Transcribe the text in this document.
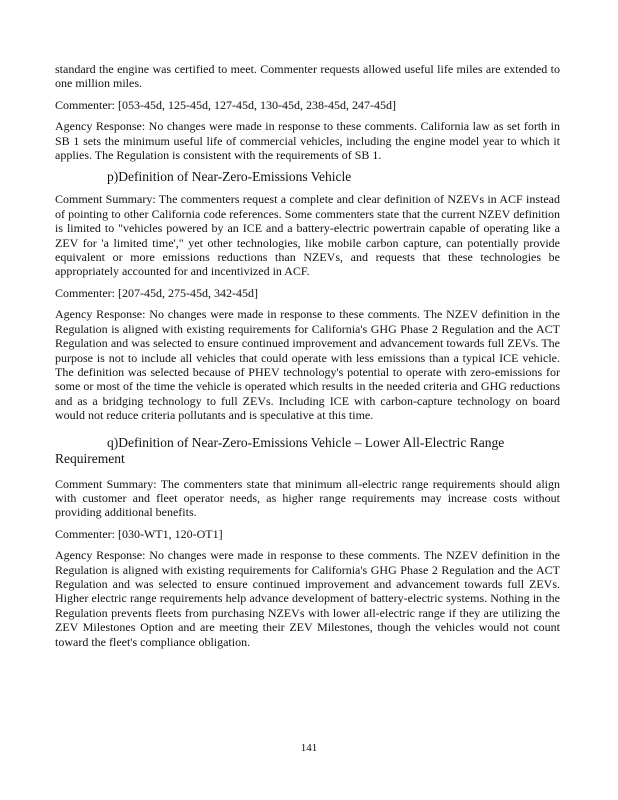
standard the engine was certified to meet. Commenter requests allowed useful life miles are extended to one million miles.

Commenter: [053-45d, 125-45d, 127-45d, 130-45d, 238-45d, 247-45d]

Agency Response: No changes were made in response to these comments. California law as set forth in SB 1 sets the minimum useful life of commercial vehicles, including the engine model year to which it applies. The Regulation is consistent with the requirements of SB 1.

p)Definition of Near-Zero-Emissions Vehicle

Comment Summary: The commenters request a complete and clear definition of NZEVs in ACF instead of pointing to other California code references. Some commenters state that the current NZEV definition is limited to "vehicles powered by an ICE and a battery-electric powertrain capable of operating like a ZEV for 'a limited time'," yet other technologies, like mobile carbon capture, can potentially provide equivalent or more emissions reductions than NZEVs, and requests that these technologies be appropriately accounted for and incentivized in ACF.

Commenter: [207-45d, 275-45d, 342-45d]

Agency Response: No changes were made in response to these comments. The NZEV definition in the Regulation is aligned with existing requirements for California's GHG Phase 2 Regulation and the ACT Regulation and was selected to ensure continued improvement and advancement towards full ZEVs. The purpose is not to include all vehicles that could operate with less emissions than a typical ICE vehicle. The definition was selected because of PHEV technology's potential to operate with zero-emissions for some or most of the time the vehicle is operated which results in the needed criteria and GHG reductions and as a bridging technology to full ZEVs. Including ICE with carbon-capture technology on board would not reduce criteria pollutants and is speculative at this time.

q)Definition of Near-Zero-Emissions Vehicle – Lower All-Electric Range Requirement

Comment Summary: The commenters state that minimum all-electric range requirements should align with customer and fleet operator needs, as higher range requirements may increase costs without providing additional benefits.

Commenter: [030-WT1, 120-OT1]

Agency Response: No changes were made in response to these comments. The NZEV definition in the Regulation is aligned with existing requirements for California's GHG Phase 2 Regulation and the ACT Regulation and was selected to ensure continued improvement and advancement towards full ZEVs. Higher electric range requirements help advance development of battery-electric systems. Nothing in the Regulation prevents fleets from purchasing NZEVs with lower all-electric range if they are utilizing the ZEV Milestones Option and are meeting their ZEV Milestones, though the vehicles would not count toward the fleet's compliance obligation.

141
